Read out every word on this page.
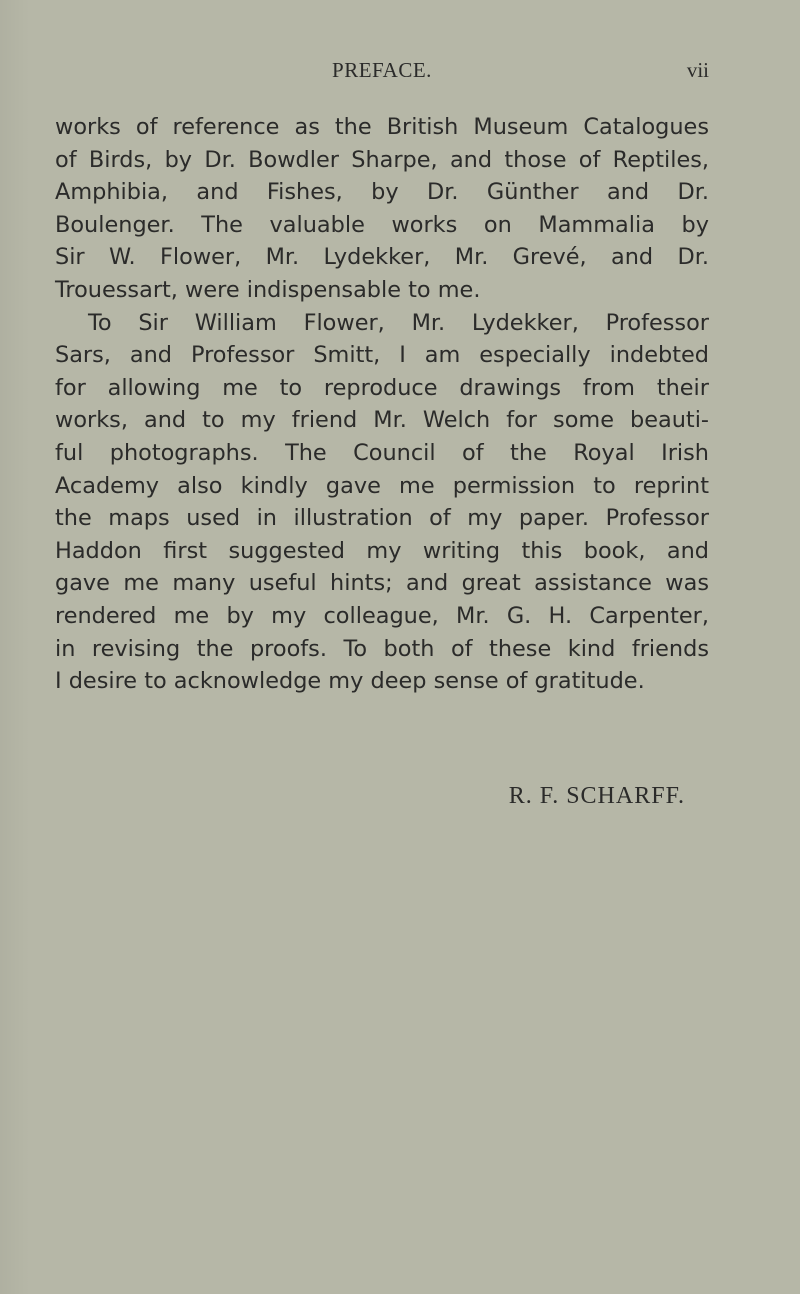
PREFACE.	vii
works of reference as the British Museum Catalogues
of Birds, by Dr. Bowdler Sharpe, and those of Reptiles,
Amphibia, and Fishes, by Dr. Günther and Dr.
Boulenger. The valuable works on Mammalia by
Sir W. Flower, Mr. Lydekker, Mr. Grevé, and Dr.
Trouessart, were indispensable to me.
To Sir William Flower, Mr. Lydekker, Professor
Sars, and Professor Smitt, I am especially indebted
for allowing me to reproduce drawings from their
works, and to my friend Mr. Welch for some beauti-
ful photographs. The Council of the Royal Irish
Academy also kindly gave me permission to reprint
the maps used in illustration of my paper. Professor
Haddon first suggested my writing this book, and
gave me many useful hints; and great assistance was
rendered me by my colleague, Mr. G. H. Carpenter,
in revising the proofs. To both of these kind friends
I desire to acknowledge my deep sense of gratitude.
R. F. SCHARFF.
